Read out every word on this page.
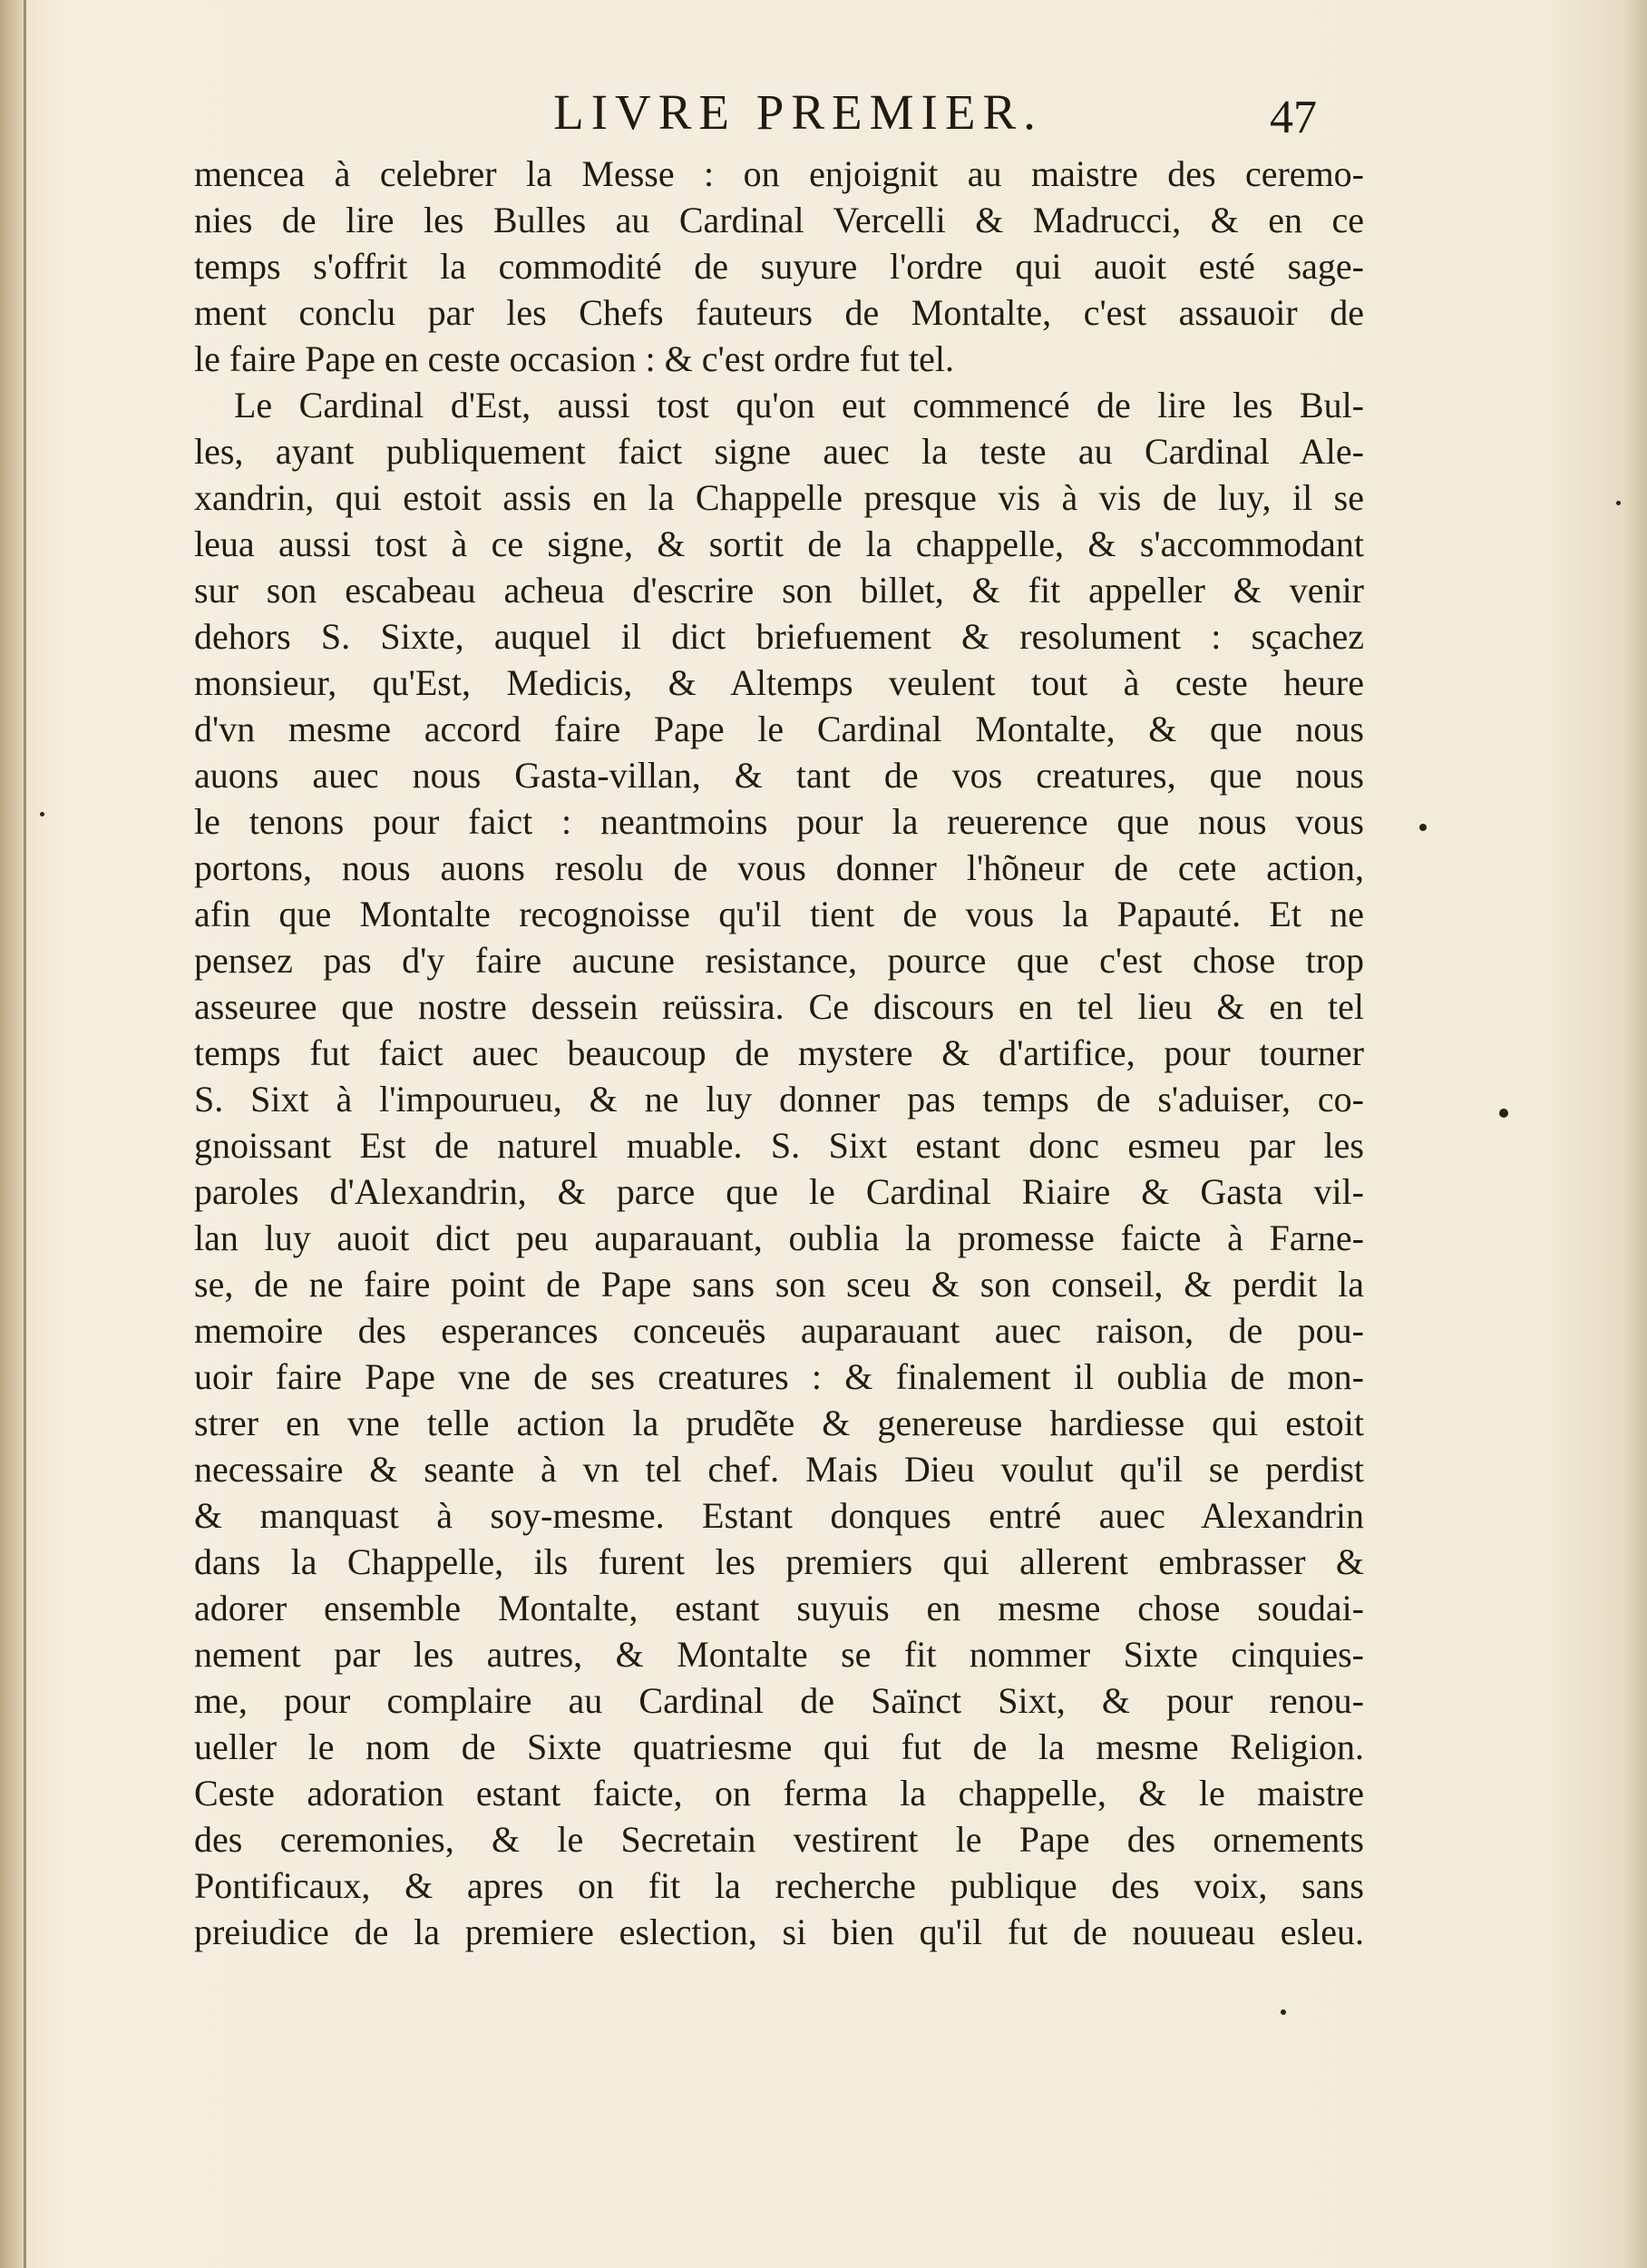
LIVRE PREMIER.	47
mencea à celebrer la Messe : on enjoignit au maistre des ceremo-
nies de lire les Bulles au Cardinal Vercelli & Madrucci, & en ce
temps s'offrit la commodité de suyure l'ordre qui auoit esté sage-
ment conclu par les Chefs fauteurs de Montalte, c'est assauoir de
le faire Pape en ceste occasion : & c'est ordre fut tel.
Le Cardinal d'Est, aussi tost qu'on eut commencé de lire les Bul-
les, ayant publiquement faict signe auec la teste au Cardinal Ale-
xandrin, qui estoit assis en la Chappelle presque vis à vis de luy, il se
leua aussi tost à ce signe, & sortit de la chappelle, & s'accommodant
sur son escabeau acheua d'escrire son billet, & fit appeller & venir
dehors S. Sixte, auquel il dict briefuement & resolument : sçachez
monsieur, qu'Est, Medicis, & Altemps veulent tout à ceste heure
d'vn mesme accord faire Pape le Cardinal Montalte, & que nous
auons auec nous Gasta-villan, & tant de vos creatures, que nous
le tenons pour faict : neantmoins pour la reuerence que nous vous
portons, nous auons resolu de vous donner l'hõneur de cete action,
afin que Montalte recognoisse qu'il tient de vous la Papauté. Et ne
pensez pas d'y faire aucune resistance, pource que c'est chose trop
asseuree que nostre dessein reüssira. Ce discours en tel lieu & en tel
temps fut faict auec beaucoup de mystere & d'artifice, pour tourner
S. Sixt à l'impourueu, & ne luy donner pas temps de s'aduiser, co-
gnoissant Est de naturel muable. S. Sixt estant donc esmeu par les
paroles d'Alexandrin, & parce que le Cardinal Riaire & Gasta vil-
lan luy auoit dict peu auparauant, oublia la promesse faicte à Farne-
se, de ne faire point de Pape sans son sceu & son conseil, & perdit la
memoire des esperances conceuës auparauant auec raison, de pou-
uoir faire Pape vne de ses creatures : & finalement il oublia de mon-
strer en vne telle action la prudẽte & genereuse hardiesse qui estoit
necessaire & seante à vn tel chef. Mais Dieu voulut qu'il se perdist
& manquast à soy-mesme. Estant donques entré auec Alexandrin
dans la Chappelle, ils furent les premiers qui allerent embrasser &
adorer ensemble Montalte, estant suyuis en mesme chose soudai-
nement par les autres, & Montalte se fit nommer Sixte cinquies-
me, pour complaire au Cardinal de Saïnct Sixt, & pour renou-
ueller le nom de Sixte quatriesme qui fut de la mesme Religion.
Ceste adoration estant faicte, on ferma la chappelle, & le maistre
des ceremonies, & le Secretain vestirent le Pape des ornements
Pontificaux, & apres on fit la recherche publique des voix, sans
preiudice de la premiere eslection, si bien qu'il fut de nouueau esleu.
